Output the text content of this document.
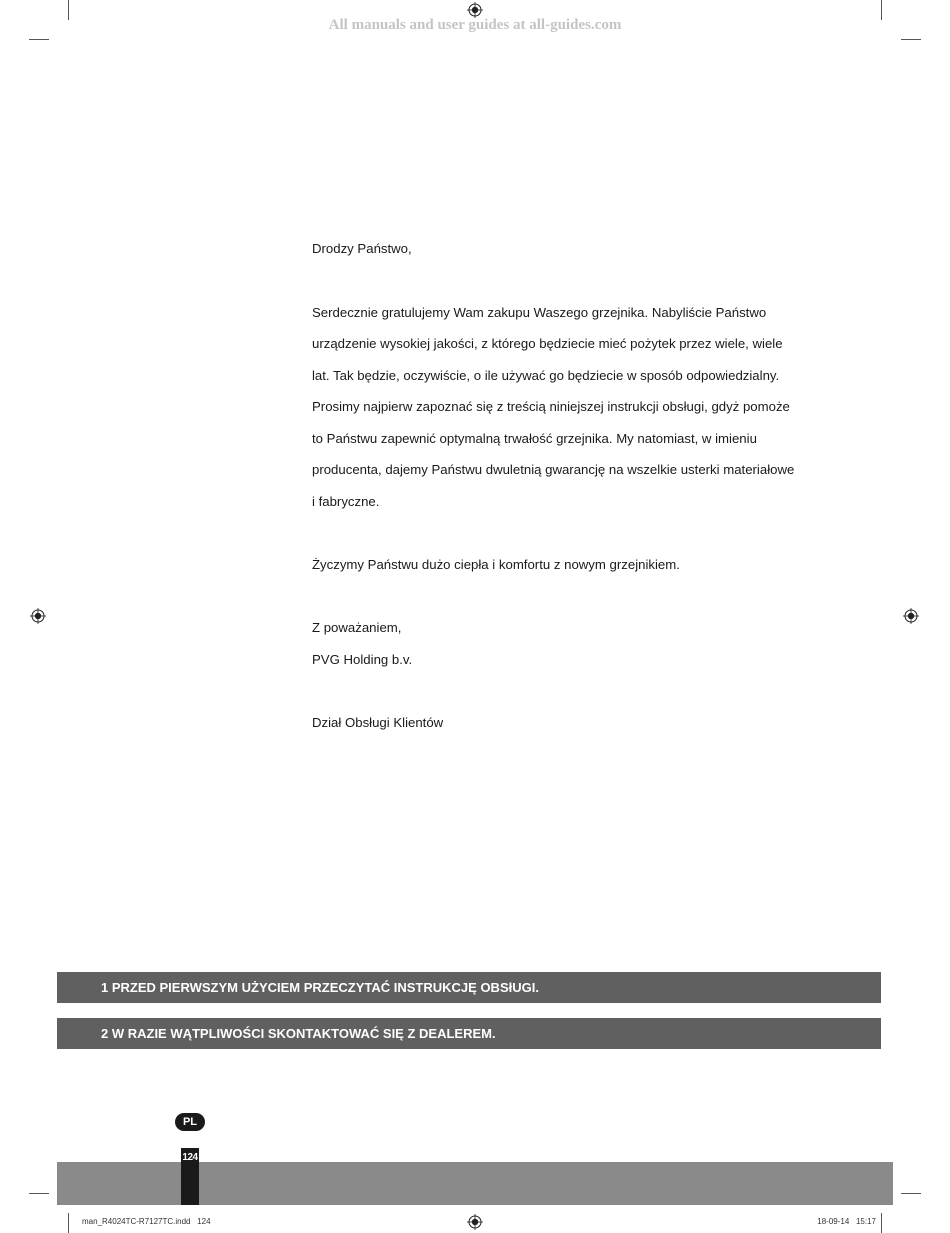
All manuals and user guides at all-guides.com
Drodzy Państwo,
Serdecznie gratulujemy Wam zakupu Waszego grzejnika. Nabyliście Państwo
urządzenie wysokiej jakości, z którego będziecie mieć pożytek przez wiele, wiele
lat. Tak będzie, oczywiście, o ile używać go będziecie w sposób odpowiedzialny.
Prosimy najpierw zapoznać się z treścią niniejszej instrukcji obsługi, gdyż pomoże
to Państwu zapewnić optymalną trwałość grzejnika. My natomiast, w imieniu
producenta, dajemy Państwu dwuletnią gwarancję na wszelkie usterki materiałowe
i fabryczne.
Życzymy Państwu dużo ciepła i komfortu z nowym grzejnikiem.
Z poważaniem,
PVG Holding b.v.
Dział Obsługi Klientów
1 PRZED PIERWSZYM UŻYCIEM PRZECZYTAĆ INSTRUKCJĘ OBSłUGI.
2 W RAZIE WĄTPLIWOŚCI SKONTAKTOWAĆ SIĘ Z DEALEREM.
PL
124
man_R4024TC-R7127TC.indd   124	18-09-14   15:17
